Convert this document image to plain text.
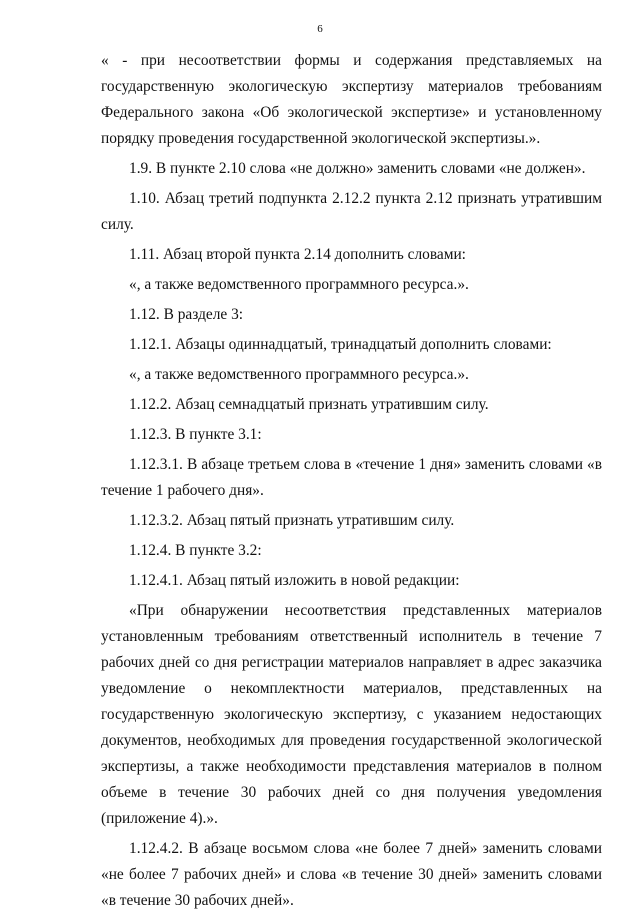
6

« - при несоответствии формы и содержания представляемых на государственную экологическую экспертизу материалов требованиям Федерального закона «Об экологической экспертизе» и установленному порядку проведения государственной экологической экспертизы.».

1.9. В пункте 2.10 слова «не должно» заменить словами «не должен».

1.10. Абзац третий подпункта 2.12.2 пункта 2.12 признать утратившим силу.

1.11. Абзац второй пункта 2.14 дополнить словами:

«, а также ведомственного программного ресурса.».

1.12. В разделе 3:

1.12.1. Абзацы одиннадцатый, тринадцатый дополнить словами:

«, а также ведомственного программного ресурса.».

1.12.2. Абзац семнадцатый признать утратившим силу.

1.12.3. В пункте 3.1:

1.12.3.1. В абзаце третьем слова в «течение 1 дня» заменить словами «в течение 1 рабочего дня».

1.12.3.2. Абзац пятый признать утратившим силу.

1.12.4. В пункте 3.2:

1.12.4.1. Абзац пятый изложить в новой редакции:

«При обнаружении несоответствия представленных материалов установленным требованиям ответственный исполнитель в течение 7 рабочих дней со дня регистрации материалов направляет в адрес заказчика уведомление о некомплектности материалов, представленных на государственную экологическую экспертизу, с указанием недостающих документов, необходимых для проведения государственной экологической экспертизы, а также необходимости представления материалов в полном объеме в течение 30 рабочих дней со дня получения уведомления (приложение 4).».

1.12.4.2. В абзаце восьмом слова «не более 7 дней» заменить словами «не более 7 рабочих дней» и слова «в течение 30 дней» заменить словами «в течение 30 рабочих дней».
